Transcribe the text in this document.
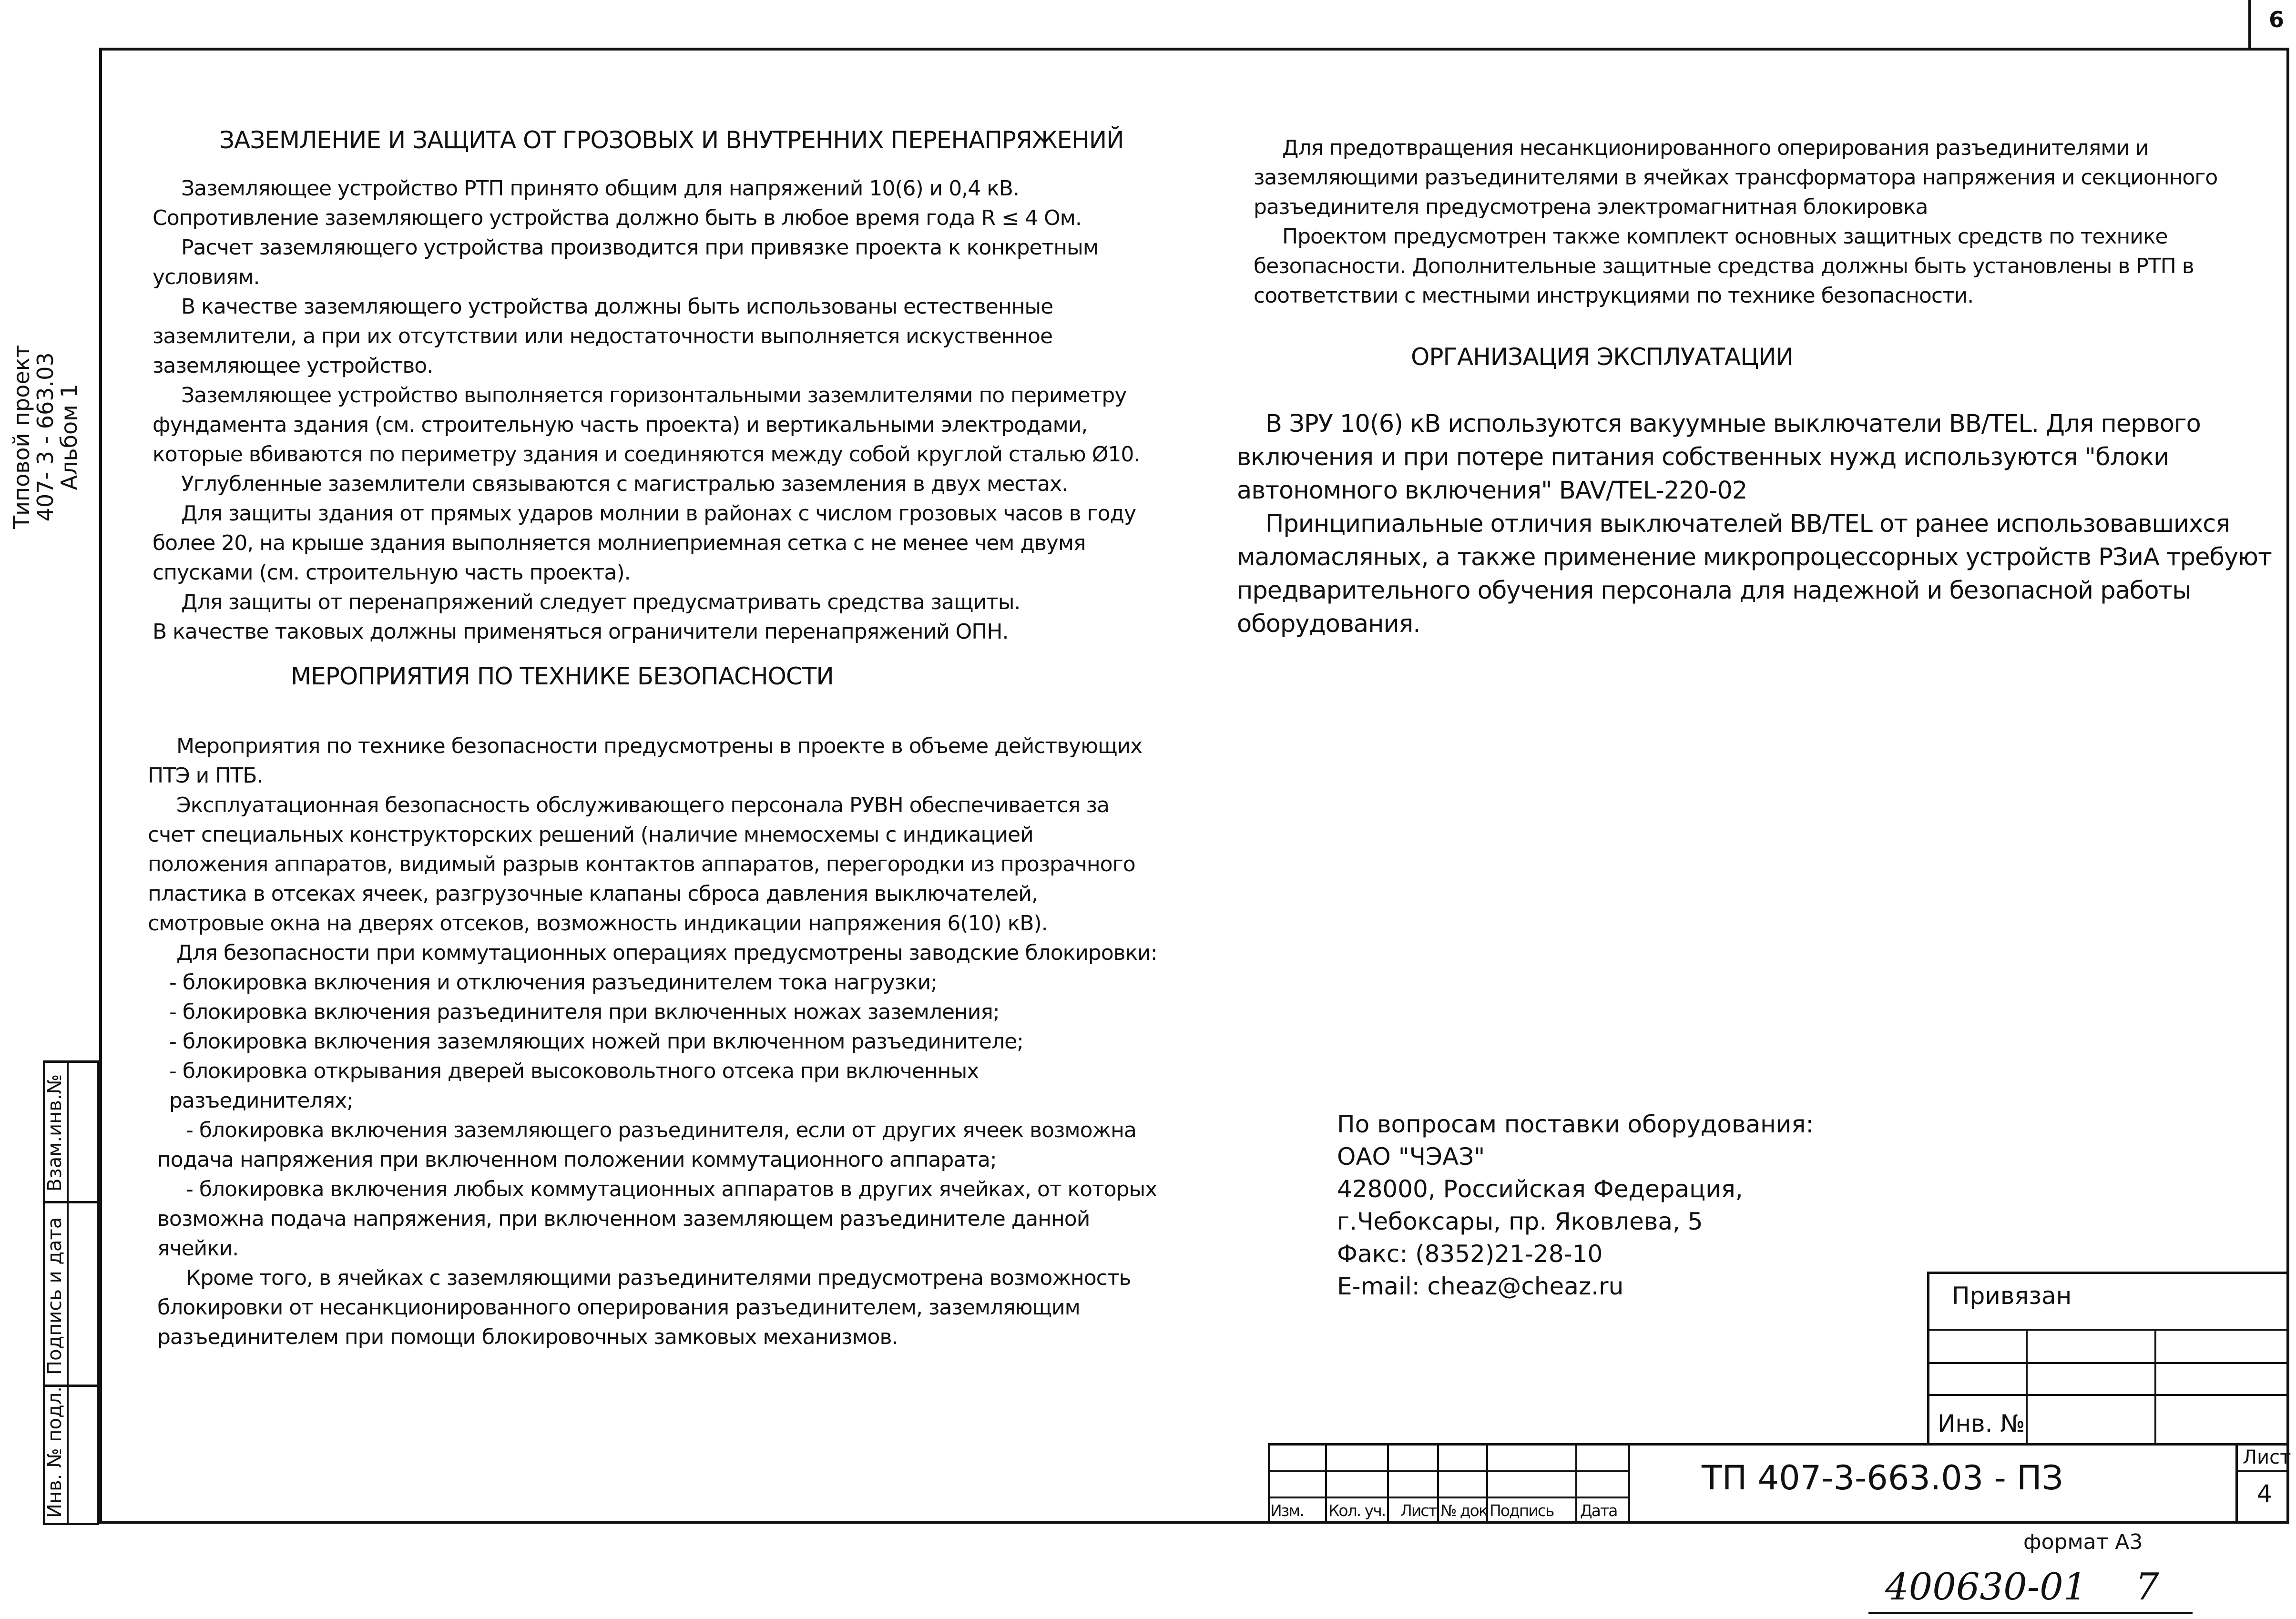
6
Типовой проект
407- 3 - 663.03
Альбом 1
Взам.инв.№
Подпись и дата
Инв. № подл.
ЗАЗЕМЛЕНИЕ И ЗАЩИТА ОТ ГРОЗОВЫХ И ВНУТРЕННИХ ПЕРЕНАПРЯЖЕНИЙ

Заземляющее устройство РТП принято общим для напряжений 10(6) и 0,4 кВ. Сопротивление заземляющего устройства должно быть в любое время года R ≤ 4 Ом.

Расчет заземляющего устройства производится при привязке проекта к конкретным условиям.

В качестве заземляющего устройства должны быть использованы естественные заземлители, а при их отсутствии или недостаточности выполняется искуственное заземляющее устройство.

Заземляющее устройство выполняется горизонтальными заземлителями по периметру фундамента здания (см. строительную часть проекта) и вертикальными электродами, которые вбиваются по периметру здания и соединяются между собой круглой сталью Ø10.

Углубленные заземлители связываются с магистралью заземления в двух местах.

Для защиты здания от прямых ударов молнии в районах с числом грозовых часов в году более 20, на крыше здания выполняется молниеприемная сетка с не менее чем двумя спусками (см. строительную часть проекта).

Для защиты от перенапряжений следует предусматривать средства защиты.

В качестве таковых должны применяться ограничители перенапряжений ОПН.

МЕРОПРИЯТИЯ ПО ТЕХНИКЕ БЕЗОПАСНОСТИ

Мероприятия по технике безопасности предусмотрены в проекте в объеме действующих ПТЭ и ПТБ.

Эксплуатационная безопасность обслуживающего персонала РУВН обеспечивается за счет специальных конструкторских решений (наличие мнемосхемы с индикацией положения аппаратов, видимый разрыв контактов аппаратов, перегородки из прозрачного пластика в отсеках ячеек, разгрузочные клапаны сброса давления выключателей, смотровые окна на дверях отсеков, возможность индикации напряжения 6(10) кВ).

Для безопасности при коммутационных операциях предусмотрены заводские блокировки:

- блокировка включения и отключения разъединителем тока нагрузки;

- блокировка включения разъединителя при включенных ножах заземления;

- блокировка включения заземляющих ножей при включенном разъединителе;

- блокировка открывания дверей высоковольтного отсека при включенных разъединителях;

- блокировка включения заземляющего разъединителя, если от других ячеек возможна подача напряжения при включенном положении коммутационного аппарата;

- блокировка включения любых коммутационных аппаратов в других ячейках, от которых возможна подача напряжения, при включенном заземляющем разъединителе данной ячейки.

Кроме того, в ячейках с заземляющими разъединителями предусмотрена возможность блокировки от несанкционированного оперирования разъединителем, заземляющим разъединителем при помощи блокировочных замковых механизмов.

Для предотвращения несанкционированного оперирования разъединителями и заземляющими разъединителями в ячейках трансформатора напряжения и секционного разъединителя предусмотрена электромагнитная блокировка

Проектом предусмотрен также комплект основных защитных средств по технике безопасности. Дополнительные защитные средства должны быть установлены в РТП в соответствии с местными инструкциями по технике безопасности.

ОРГАНИЗАЦИЯ ЭКСПЛУАТАЦИИ

В ЗРУ 10(6) кВ используются вакуумные выключатели ВВ/TEL. Для первого включения и при потере питания собственных нужд используются "блоки автономного включения" BAV/TEL-220-02

Принципиальные отличия выключателей ВВ/TEL от ранее использовавшихся маломасляных, а также применение микропроцессорных устройств РЗиА требуют предварительного обучения персонала для надежной и безопасной работы оборудования.

По вопросам поставки оборудования:
ОАО "ЧЭАЗ"
428000, Российская Федерация,
г.Чебоксары, пр. Яковлева, 5
Факс: (8352)21-28-10
E-mail: cheaz@cheaz.ru	Привязан
Инв. №
Изм. Кол. уч. Лист № док Подпись Дата
ТП 407-3-663.03 - ПЗ
Лист
4
формат А3
400630-01 7
